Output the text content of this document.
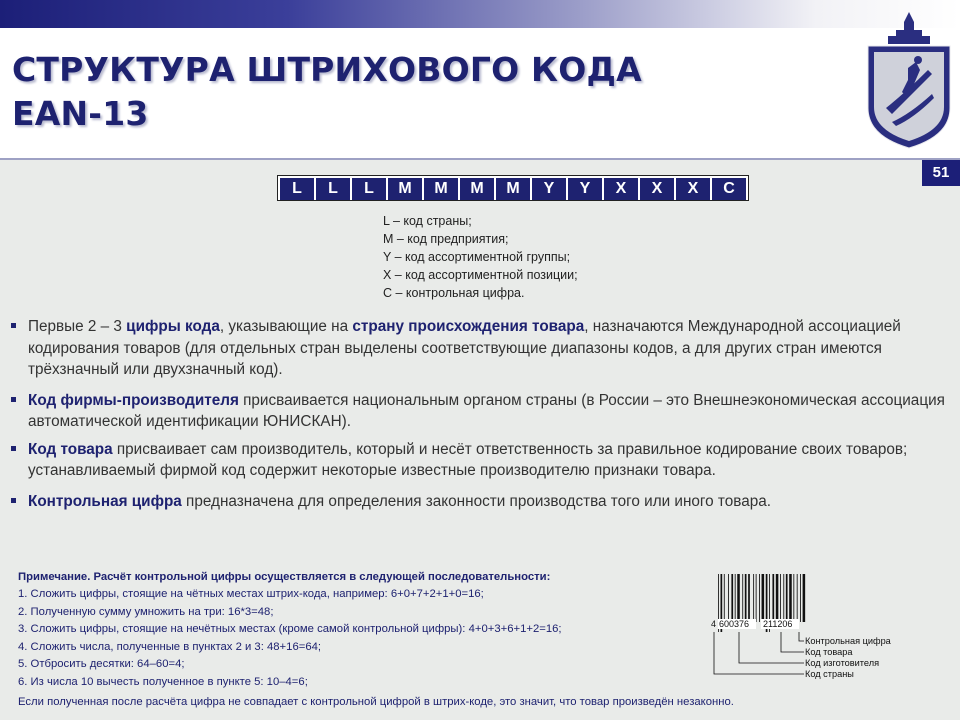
СТРУКТУРА ШТРИХОВОГО КОДА
EAN-13
51
L	L	L	M	M	M	M	Y	Y	X	X	X	C
L – код страны;
M – код предприятия;
Y – код ассортиментной группы;
X – код ассортиментной позиции;
C – контрольная цифра.
Первые 2 – 3 цифры кода, указывающие на страну происхождения товара, назначаются Международной ассоциацией кодирования товаров (для отдельных стран выделены соответствующие диапазоны кодов, а для других стран имеются трёхзначный или двухзначный код).
Код фирмы-производителя присваивается национальным органом страны (в России – это Внешнеэкономическая ассоциация автоматической идентификации ЮНИСКАН).
Код товара присваивает сам производитель, который и несёт ответственность за правильное кодирование своих товаров; устанавливаемый фирмой код содержит некоторые известные производителю признаки товара.
Контрольная цифра предназначена для определения законности производства того или иного товара.
Примечание. Расчёт контрольной цифры осуществляется в следующей последовательности:
1. Сложить цифры, стоящие на чётных местах штрих-кода, например: 6+0+7+2+1+0=16;
2. Полученную сумму умножить на три: 16*3=48;
3. Сложить цифры, стоящие на нечётных местах (кроме самой контрольной цифры): 4+0+3+6+1+2=16;
4. Сложить числа, полученные в пунктах 2 и 3: 48+16=64;
5. Отбросить десятки: 64–60=4;
6. Из числа 10 вычесть полученное в пункте 5: 10–4=6;
Если полученная после расчёта цифра не совпадает с контрольной цифрой в штрих-коде, это значит, что товар произведён незаконно.
4 600376 211206
Контрольная цифра
Код товара
Код изготовителя
Код страны
